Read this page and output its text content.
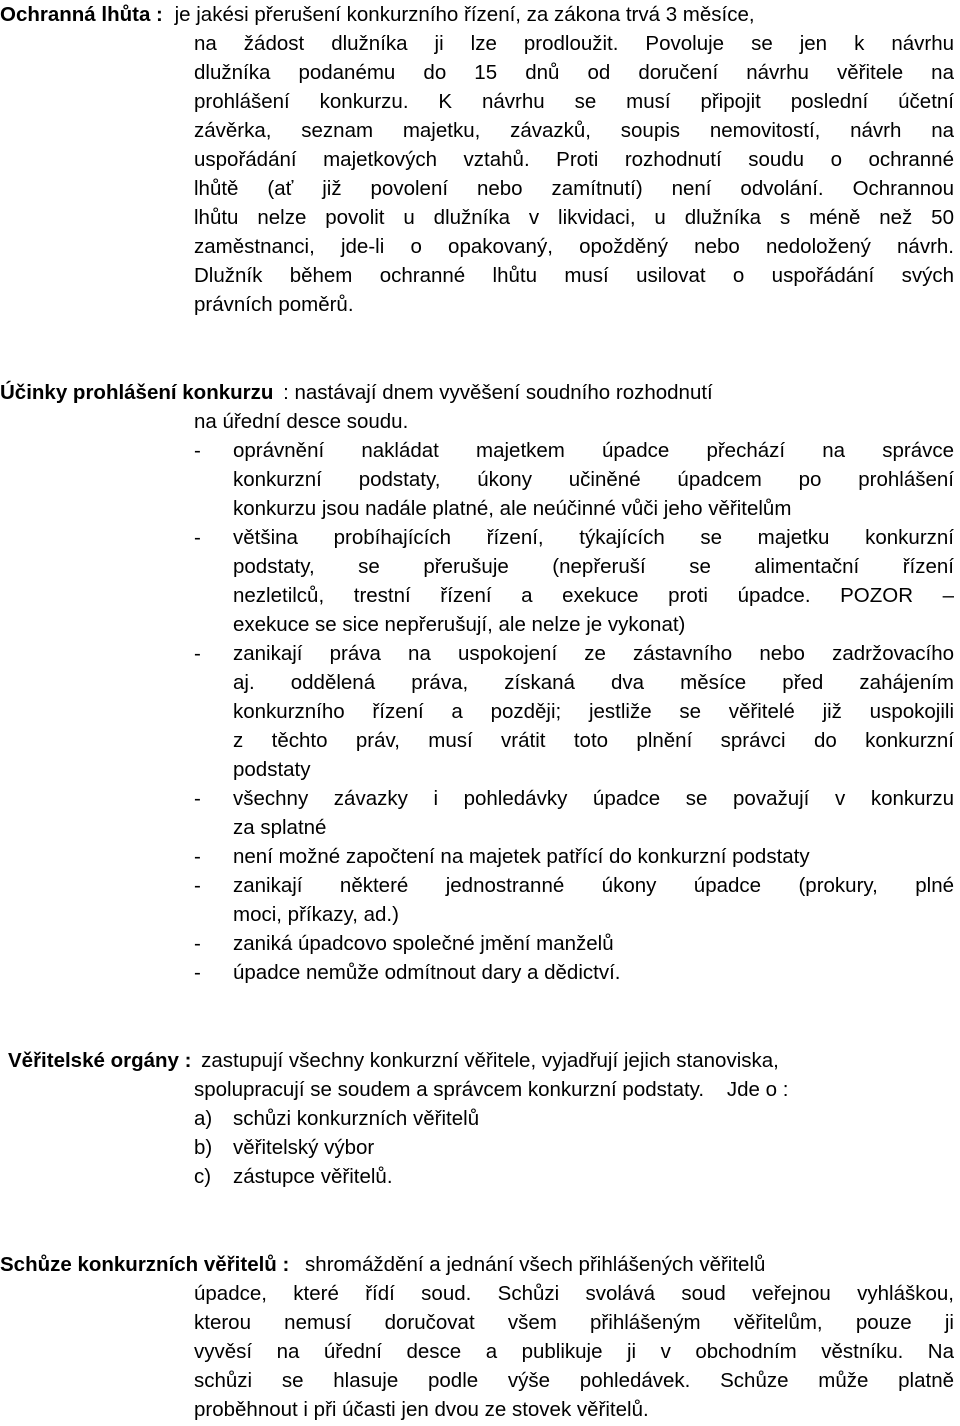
Ochranná lhůta : je jakési přerušení konkurzního řízení, za zákona trvá 3 měsíce,
na žádost dlužníka ji lze prodloužit. Povoluje se jen k návrhu
dlužníka podanému do 15 dnů od doručení návrhu věřitele na
prohlášení konkurzu. K návrhu se musí připojit poslední účetní
závěrka, seznam majetku, závazků, soupis nemovitostí, návrh na
uspořádání majetkových vztahů. Proti rozhodnutí soudu o ochranné
lhůtě (ať již povolení nebo zamítnutí) není odvolání. Ochrannou
lhůtu nelze povolit u dlužníka v likvidaci, u dlužníka s méně než 50
zaměstnanci, jde-li o opakovaný, opožděný nebo nedoložený návrh.
Dlužník během ochranné lhůtu musí usilovat o uspořádání svých
právních poměrů.
Účinky prohlášení konkurzu : nastávají dnem vyvěšení soudního rozhodnutí
na úřední desce soudu.
- oprávnění nakládat majetkem úpadce přechází na správce
konkurzní podstaty, úkony učiněné úpadcem po prohlášení
konkurzu jsou nadále platné, ale neúčinné vůči jeho věřitelům
- většina probíhajících řízení, týkajících se majetku konkurzní
podstaty, se přerušuje (nepřeruší se alimentační řízení
nezletilců, trestní řízení a exekuce proti úpadce. POZOR –
exekuce se sice nepřerušují, ale nelze je vykonat)
- zanikají práva na uspokojení ze zástavního nebo zadržovacího
aj. oddělená práva, získaná dva měsíce před zahájením
konkurzního řízení a později; jestliže se věřitelé již uspokojili
z těchto práv, musí vrátit toto plnění správci do konkurzní
podstaty
- všechny závazky i pohledávky úpadce se považují v konkurzu
za splatné
- není možné započtení na majetek patřící do konkurzní podstaty
- zanikají některé jednostranné úkony úpadce (prokury, plné
moci, příkazy, ad.)
- zaniká úpadcovo společné jmění manželů
- úpadce nemůže odmítnout dary a dědictví.
Věřitelské orgány : zastupují všechny konkurzní věřitele, vyjadřují jejich stanoviska,
spolupracují se soudem a správcem konkurzní podstaty.    Jde o :
a) schůzi konkurzních věřitelů
b) věřitelský výbor
c) zástupce věřitelů.
Schůze konkurzních věřitelů : shromáždění a jednání všech přihlášených věřitelů
úpadce, které řídí soud. Schůzi svolává soud veřejnou vyhláškou,
kterou nemusí doručovat všem přihlášeným věřitelům, pouze ji
vyvěsí na úřední desce a publikuje ji v obchodním věstníku. Na
schůzi se hlasuje podle výše pohledávek. Schůze může platně
proběhnout i při účasti jen dvou ze stovek věřitelů.
